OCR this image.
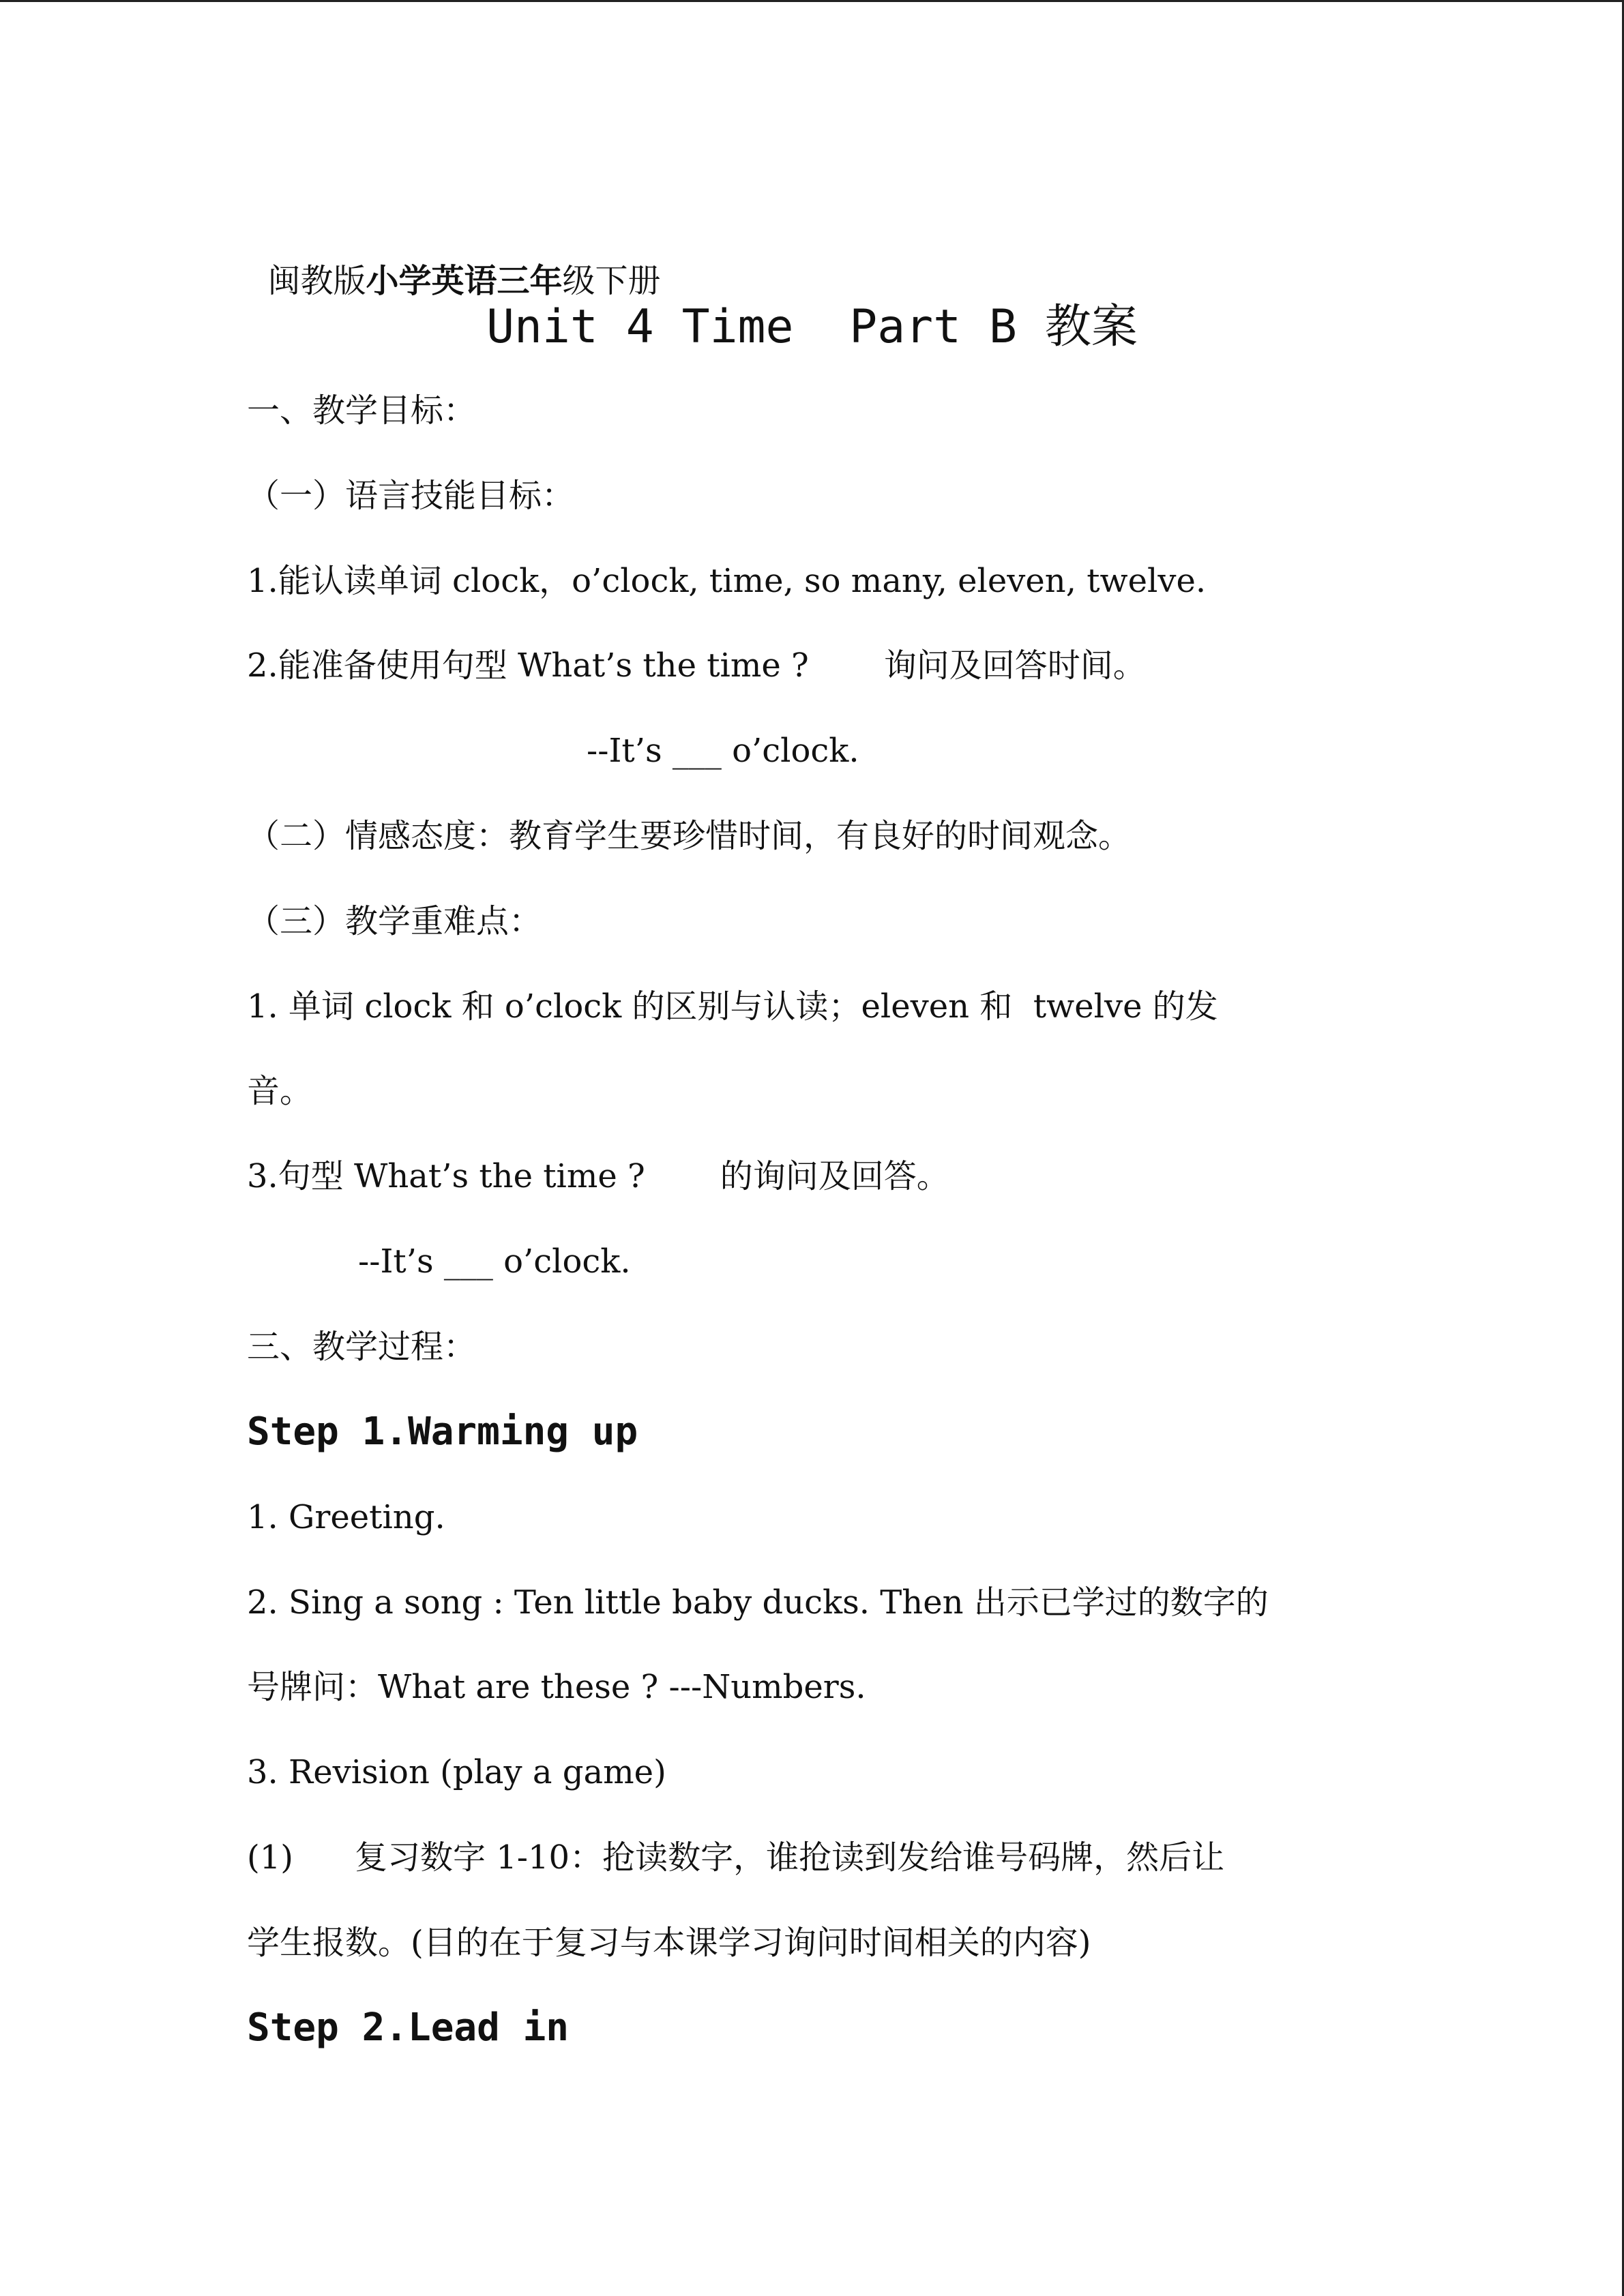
闽教版小学英语三年级下册

Unit 4 Time  Part B 教案
一、教学目标：
（一）语言技能目标：
1.能认读单词 clock，o’clock, time, so many, eleven, twelve.
2.能准备使用句型 What’s the time ? 询问及回答时间。
--It’s ___ o’clock.
（二）情感态度：教育学生要珍惜时间，有良好的时间观念。
（三）教学重难点：
1. 单词 clock 和 o’clock 的区别与认读；eleven 和  twelve 的发
音。
3.句型 What’s the time ? 的询问及回答。
--It’s ___ o’clock.
三、教学过程：
Step 1.Warming up
1. Greeting.
2. Sing a song : Ten little baby ducks. Then 出示已学过的数字的
号牌问：What are these ? ---Numbers.
3. Revision (play a game)
(1) 复习数字 1-10：抢读数字，谁抢读到发给谁号码牌，然后让
学生报数。(目的在于复习与本课学习询问时间相关的内容)
Step 2.Lead in
